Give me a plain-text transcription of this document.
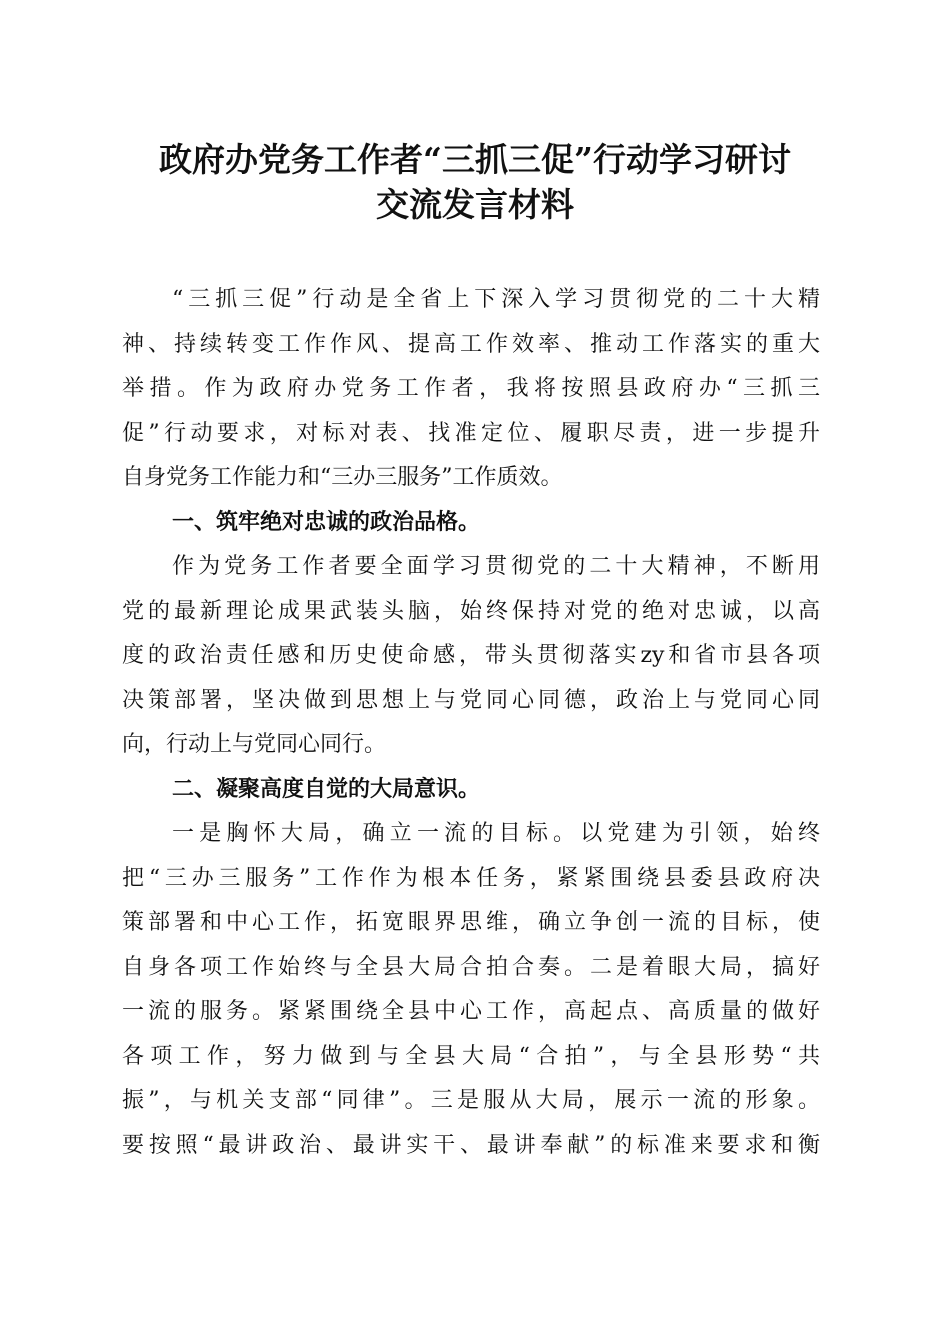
政府办党务工作者“三抓三促”行动学习研讨
交流发言材料
“三抓三促”行动是全省上下深入学习贯彻党的二十大精
神、持续转变工作作风、提高工作效率、推动工作落实的重大
举措。作为政府办党务工作者，我将按照县政府办“三抓三
促”行动要求，对标对表、找准定位、履职尽责，进一步提升
自身党务工作能力和“三办三服务”工作质效。
一、筑牢绝对忠诚的政治品格。
作为党务工作者要全面学习贯彻党的二十大精神，不断用
党的最新理论成果武装头脑，始终保持对党的绝对忠诚，以高
度的政治责任感和历史使命感，带头贯彻落实zy和省市县各项
决策部署，坚决做到思想上与党同心同德，政治上与党同心同
向，行动上与党同心同行。
二、凝聚高度自觉的大局意识。
一是胸怀大局，确立一流的目标。以党建为引领，始终
把“三办三服务”工作作为根本任务，紧紧围绕县委县政府决
策部署和中心工作，拓宽眼界思维，确立争创一流的目标，使
自身各项工作始终与全县大局合拍合奏。二是着眼大局，搞好
一流的服务。紧紧围绕全县中心工作，高起点、高质量的做好
各项工作，努力做到与全县大局“合拍”，与全县形势“共
振”，与机关支部“同律”。三是服从大局，展示一流的形象。
要按照“最讲政治、最讲实干、最讲奉献”的标准来要求和衡
